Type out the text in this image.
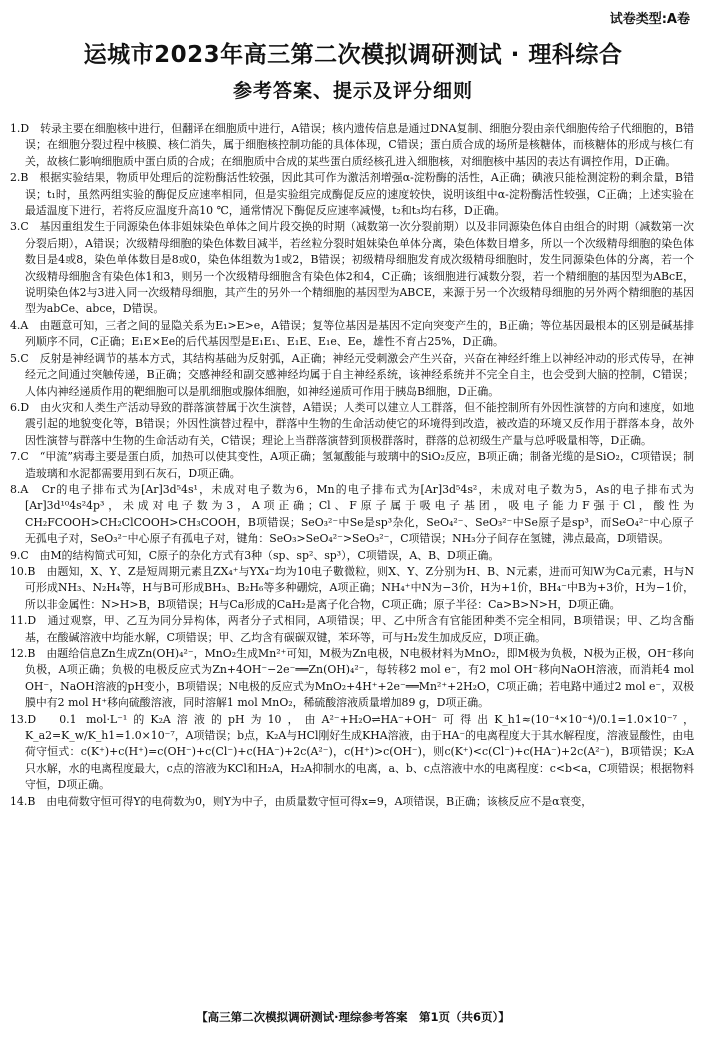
试卷类型:A卷
运城市2023年高三第二次模拟调研测试 · 理科综合
参考答案、提示及评分细则

1.D　转录主要在细胞核中进行，但翻译在细胞质中进行，A错误；核内遗传信息是通过DNA复制、细胞分裂由亲代细胞传给子代细胞的，B错误；在细胞分裂过程中核膜、核仁消失，属于细胞核控制功能的具体体现，C错误；蛋白质合成的场所是核糖体，而核糖体的形成与核仁有关，故核仁影响细胞质中蛋白质的合成；在细胞质中合成的某些蛋白质经核孔进入细胞核，对细胞核中基因的表达有调控作用，D正确。

2.B　根据实验结果，物质甲处理后的淀粉酶活性较强，因此其可作为激活剂增强α-淀粉酶的活性，A正确；碘液只能检测淀粉的剩余量，B错误；t₁时，虽然两组实验的酶促反应速率相同，但是实验组完成酶促反应的速度较快，说明该组中α-淀粉酶活性较强，C正确；上述实验在最适温度下进行，若将反应温度升高10 ℃，通常情况下酶促反应速率减慢，t₂和t₃均右移，D正确。

3.C　基因重组发生于同源染色体非姐妹染色单体之间片段交换的时期（减数第一次分裂前期）以及非同源染色体自由组合的时期（减数第一次分裂后期），A错误；次级精母细胞的染色体数目减半，若丝粒分裂时姐妹染色单体分离，染色体数目增多，所以一个次级精母细胞的染色体数目是4或8，染色单体数目是8或0，染色体组数为1或2，B错误；初级精母细胞发育成次级精母细胞时，发生同源染色体的分离，若一个次级精母细胞含有染色体1和3，则另一个次级精母细胞含有染色体2和4，C正确；该细胞进行减数分裂，若一个精细胞的基因型为ABcE，说明染色体2与3进入同一次级精母细胞，其产生的另外一个精细胞的基因型为ABCE，来源于另一个次级精母细胞的另外两个精细胞的基因型为abCe、abce，D错误。

4.A　由题意可知，三者之间的显隐关系为E₁>E>e，A错误；复等位基因是基因不定向突变产生的，B正确；等位基因最根本的区别是碱基排列顺序不同，C正确；E₁E×Ee的后代基因型是E₁E₁、E₁E、E₁e、Ee，雄性不育占25%，D正确。

5.C　反射是神经调节的基本方式，其结构基础为反射弧，A正确；神经元受刺激会产生兴奋，兴奋在神经纤维上以神经冲动的形式传导，在神经元之间通过突触传递，B正确；交感神经和副交感神经均属于自主神经系统，该神经系统并不完全自主，也会受到大脑的控制，C错误；人体内神经递质作用的靶细胞可以是肌细胞或腺体细胞，如神经递质可作用于胰岛B细胞，D正确。

6.D　由火灾和人类生产活动导致的群落演替属于次生演替，A错误；人类可以建立人工群落，但不能控制所有外因性演替的方向和速度，如地震引起的地貌变化等，B错误；外因性演替过程中，群落中生物的生命活动使它的环境得到改造，被改造的环境又反作用于群落本身，故外因性演替与群落中生物的生命活动有关，C错误；理论上当群落演替到顶极群落时，群落的总初级生产量与总呼吸量相等，D正确。

7.C　“甲流”病毒主要是蛋白质，加热可以使其变性，A项正确；氢氟酸能与玻璃中的SiO₂反应，B项正确；制备光缆的是SiO₂，C项错误；制造玻璃和水泥都需要用到石灰石，D项正确。

8.A　Cr的电子排布式为[Ar]3d⁵4s¹，未成对电子数为6，Mn的电子排布式为[Ar]3d⁵4s²，未成对电子数为5，As的电子排布式为[Ar]3d¹⁰4s²4p³，未成对电子数为3，A项正确；Cl、F原子属于吸电子基团，吸电子能力F强于Cl，酸性为CH₂FCOOH>CH₂ClCOOH>CH₃COOH，B项错误；SeO₃²⁻中Se是sp³杂化，SeO₄²⁻、SeO₃²⁻中Se原子是sp³，而SeO₄²⁻中心原子无孤电子对，SeO₃²⁻中心原子有孤电子对，键角：SeO₃>SeO₄²⁻>SeO₃²⁻，C项错误；NH₃分子间存在氢键，沸点最高，D项错误。

9.C　由M的结构简式可知，C原子的杂化方式有3种（sp、sp²、sp³），C项错误，A、B、D项正确。

10.B　由题知，X、Y、Z是短周期元素且ZX₄⁺与YX₄⁻均为10电子數微粒，则X、Y、Z分别为H、B、N元素，进而可知W为Ca元素，H与N可形成NH₃、N₂H₄等，H与B可形成BH₃、B₂H₆等多种硼烷，A项正确；NH₄⁺中N为−3价，H为+1价，BH₄⁻中B为+3价，H为−1价，所以非金属性：N>H>B，B项错误；H与Ca形成的CaH₂是离子化合物，C项正确；原子半径：Ca>B>N>H，D项正确。

11.D　通过观察，甲、乙互为同分异构体，两者分子式相同，A项错误；甲、乙中所含有官能团种类不完全相同，B项错误；甲、乙均含酯基，在酸碱溶液中均能水解，C项错误；甲、乙均含有碳碳双键，苯环等，可与H₂发生加成反应，D项正确。

12.B　由题给信息Zn生成Zn(OH)₄²⁻，MnO₂生成Mn²⁺可知，M极为Zn电极，N电极材料为MnO₂，即M极为负极，N极为正极，OH⁻移向负极，A项正确；负极的电极反应式为Zn+4OH⁻−2e⁻══Zn(OH)₄²⁻，每转移2 mol e⁻，有2 mol OH⁻移向NaOH溶液，而消耗4 mol OH⁻，NaOH溶液的pH变小，B项错误；N电极的反应式为MnO₂+4H⁺+2e⁻══Mn²⁺+2H₂O，C项正确；若电路中通过2 mol e⁻，双极膜中有2 mol H⁺移向硫酸溶液，同时溶解1 mol MnO₂，稀硫酸溶液质量增加89 g，D项正确。

13.D　0.1 mol·L⁻¹的K₂A溶液的pH为10，由A²⁻+H₂O⇌HA⁻+OH⁻可得出K_h1≈(10⁻⁴×10⁻⁴)/0.1=1.0×10⁻⁷，K_a2=K_w/K_h1=1.0×10⁻⁷，A项错误；b点，K₂A与HCl刚好生成KHA溶液，由于HA⁻的电离程度大于其水解程度，溶液显酸性，由电荷守恒式：c(K⁺)+c(H⁺)=c(OH⁻)+c(Cl⁻)+c(HA⁻)+2c(A²⁻)，c(H⁺)>c(OH⁻)，则c(K⁺)<c(Cl⁻)+c(HA⁻)+2c(A²⁻)，B项错误；K₂A只水解，水的电离程度最大，c点的溶液为KCl和H₂A，H₂A抑制水的电离，a、b、c点溶液中水的电离程度：c<b<a，C项错误；根据物料守恒，D项正确。

14.B　由电荷数守恒可得Y的电荷数为0，则Y为中子，由质量数守恒可得x=9，A项错误，B正确；该核反应不是α衰变，

【高三第二次模拟调研测试·理综参考答案　第1页（共6页）】
